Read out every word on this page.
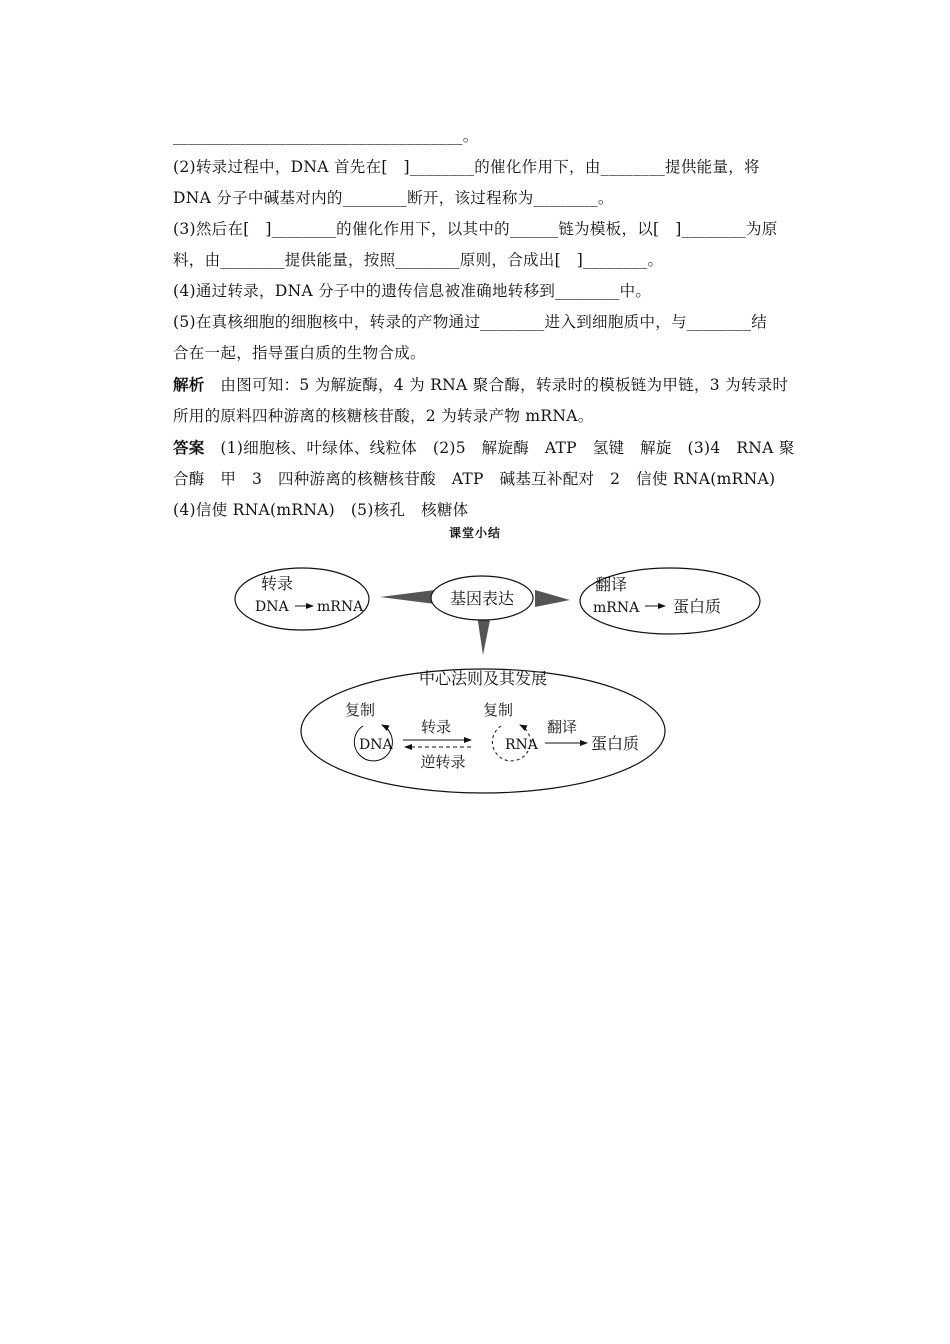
____________________________________。

(2)转录过程中，DNA 首先在[　]________的催化作用下，由________提供能量，将

DNA 分子中碱基对内的________断开，该过程称为________。

(3)然后在[　]________的催化作用下，以其中的______链为模板，以[　]________为原

料，由________提供能量，按照________原则，合成出[　]________。

(4)通过转录，DNA 分子中的遗传信息被准确地转移到________中。

(5)在真核细胞的细胞核中，转录的产物通过________进入到细胞质中，与________结

合在一起，指导蛋白质的生物合成。

解析　由图可知：5 为解旋酶，4 为 RNA 聚合酶，转录时的模板链为甲链，3 为转录时

所用的原料四种游离的核糖核苷酸，2 为转录产物 mRNA。

答案　(1)细胞核、叶绿体、线粒体　(2)5　解旋酶　ATP　氢键　解旋　(3)4　RNA 聚

合酶　甲　3　四种游离的核糖核苷酸　ATP　碱基互补配对　2　信使 RNA(mRNA)

(4)信使 RNA(mRNA)　(5)核孔　核糖体

课堂小结
转录
DNA mRNA	基因表达
翻译
mRNA 蛋白质
中心法则及其发展
复制
DNA
转录
逆转录
复制
RNA
翻译
蛋白质
